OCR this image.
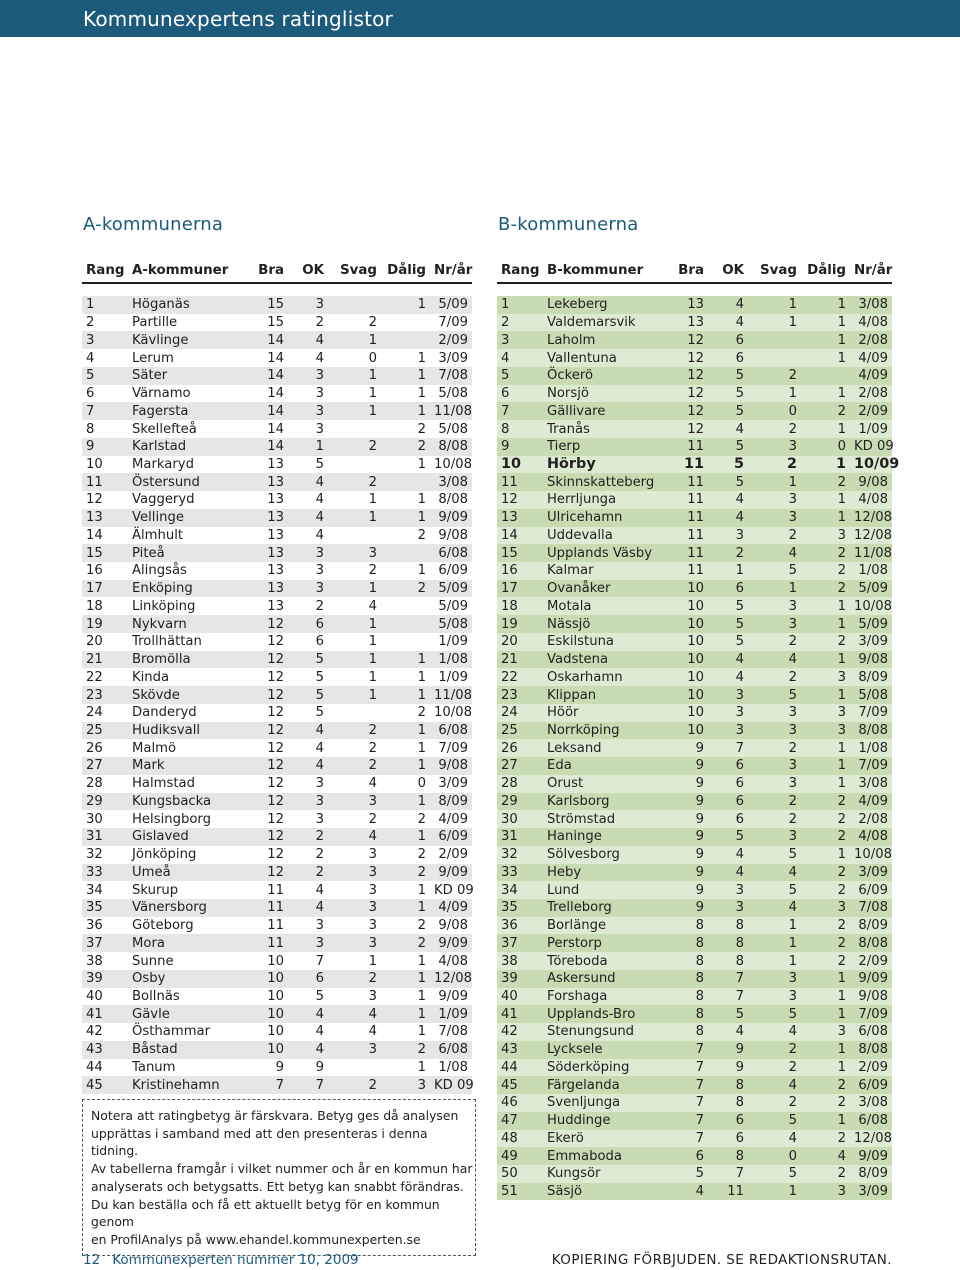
Kommunexpertens ratinglistor
A-kommunerna	B-kommunerna
Rang	A-kommuner	Bra	OK	Svag	Dålig	Nr/år

1	Höganäs	15	3		1	5/09
2	Partille	15	2	2		7/09
3	Kävlinge	14	4	1		2/09
4	Lerum	14	4	0	1	3/09
5	Säter	14	3	1	1	7/08
6	Värnamo	14	3	1	1	5/08
7	Fagersta	14	3	1	1	11/08
8	Skellefteå	14	3		2	5/08
9	Karlstad	14	1	2	2	8/08
10	Markaryd	13	5		1	10/08
11	Östersund	13	4	2		3/08
12	Vaggeryd	13	4	1	1	8/08
13	Vellinge	13	4	1	1	9/09
14	Älmhult	13	4		2	9/08
15	Piteå	13	3	3		6/08
16	Alingsås	13	3	2	1	6/09
17	Enköping	13	3	1	2	5/09
18	Linköping	13	2	4		5/09
19	Nykvarn	12	6	1		5/08
20	Trollhättan	12	6	1		1/09
21	Bromölla	12	5	1	1	1/08
22	Kinda	12	5	1	1	1/09
23	Skövde	12	5	1	1	11/08
24	Danderyd	12	5		2	10/08
25	Hudiksvall	12	4	2	1	6/08
26	Malmö	12	4	2	1	7/09
27	Mark	12	4	2	1	9/08
28	Halmstad	12	3	4	0	3/09
29	Kungsbacka	12	3	3	1	8/09
30	Helsingborg	12	3	2	2	4/09
31	Gislaved	12	2	4	1	6/09
32	Jönköping	12	2	3	2	2/09
33	Umeå	12	2	3	2	9/09
34	Skurup	11	4	3	1	KD 09
35	Vänersborg	11	4	3	1	4/09
36	Göteborg	11	3	3	2	9/08
37	Mora	11	3	3	2	9/09
38	Sunne	10	7	1	1	4/08
39	Osby	10	6	2	1	12/08
40	Bollnäs	10	5	3	1	9/09
41	Gävle	10	4	4	1	1/09
42	Östhammar	10	4	4	1	7/08
43	Båstad	10	4	3	2	6/08
44	Tanum	9	9		1	1/08
45	Kristinehamn	7	7	2	3	KD 09
Rang	B-kommuner	Bra	OK	Svag	Dålig	Nr/år

1	Lekeberg	13	4	1	1	3/08
2	Valdemarsvik	13	4	1	1	4/08
3	Laholm	12	6		1	2/08
4	Vallentuna	12	6		1	4/09
5	Öckerö	12	5	2		4/09
6	Norsjö	12	5	1	1	2/08
7	Gällivare	12	5	0	2	2/09
8	Tranås	12	4	2	1	1/09
9	Tierp	11	5	3	0	KD 09
10	Hörby	11	5	2	1	10/09
11	Skinnskatteberg	11	5	1	2	9/08
12	Herrljunga	11	4	3	1	4/08
13	Ulricehamn	11	4	3	1	12/08
14	Uddevalla	11	3	2	3	12/08
15	Upplands Väsby	11	2	4	2	11/08
16	Kalmar	11	1	5	2	1/08
17	Ovanåker	10	6	1	2	5/09
18	Motala	10	5	3	1	10/08
19	Nässjö	10	5	3	1	5/09
20	Eskilstuna	10	5	2	2	3/09
21	Vadstena	10	4	4	1	9/08
22	Oskarhamn	10	4	2	3	8/09
23	Klippan	10	3	5	1	5/08
24	Höör	10	3	3	3	7/09
25	Norrköping	10	3	3	3	8/08
26	Leksand	9	7	2	1	1/08
27	Eda	9	6	3	1	7/09
28	Orust	9	6	3	1	3/08
29	Karlsborg	9	6	2	2	4/09
30	Strömstad	9	6	2	2	2/08
31	Haninge	9	5	3	2	4/08
32	Sölvesborg	9	4	5	1	10/08
33	Heby	9	4	4	2	3/09
34	Lund	9	3	5	2	6/09
35	Trelleborg	9	3	4	3	7/08
36	Borlänge	8	8	1	2	8/09
37	Perstorp	8	8	1	2	8/08
38	Töreboda	8	8	1	2	2/09
39	Askersund	8	7	3	1	9/09
40	Forshaga	8	7	3	1	9/08
41	Upplands-Bro	8	5	5	1	7/09
42	Stenungsund	8	4	4	3	6/08
43	Lycksele	7	9	2	1	8/08
44	Söderköping	7	9	2	1	2/09
45	Färgelanda	7	8	4	2	6/09
46	Svenljunga	7	8	2	2	3/08
47	Huddinge	7	6	5	1	6/08
48	Ekerö	7	6	4	2	12/08
49	Emmaboda	6	8	0	4	9/09
50	Kungsör	5	7	5	2	8/09
51	Säsjö	4	11	1	3	3/09

Notera att ratingbetyg är färskvara. Betyg ges då analysen

upprättas i samband med att den presenteras i denna tidning.

Av tabellerna framgår i vilket nummer och år en kommun har

analyserats och betygsatts. Ett betyg kan snabbt förändras.

Du kan beställa och få ett aktuellt betyg för en kommun genom

en ProfilAnalys på www.ehandel.kommunexperten.se

12 Kommunexperten nummer 10, 2009	KOPIERING FÖRBJUDEN. SE REDAKTIONSRUTAN.
